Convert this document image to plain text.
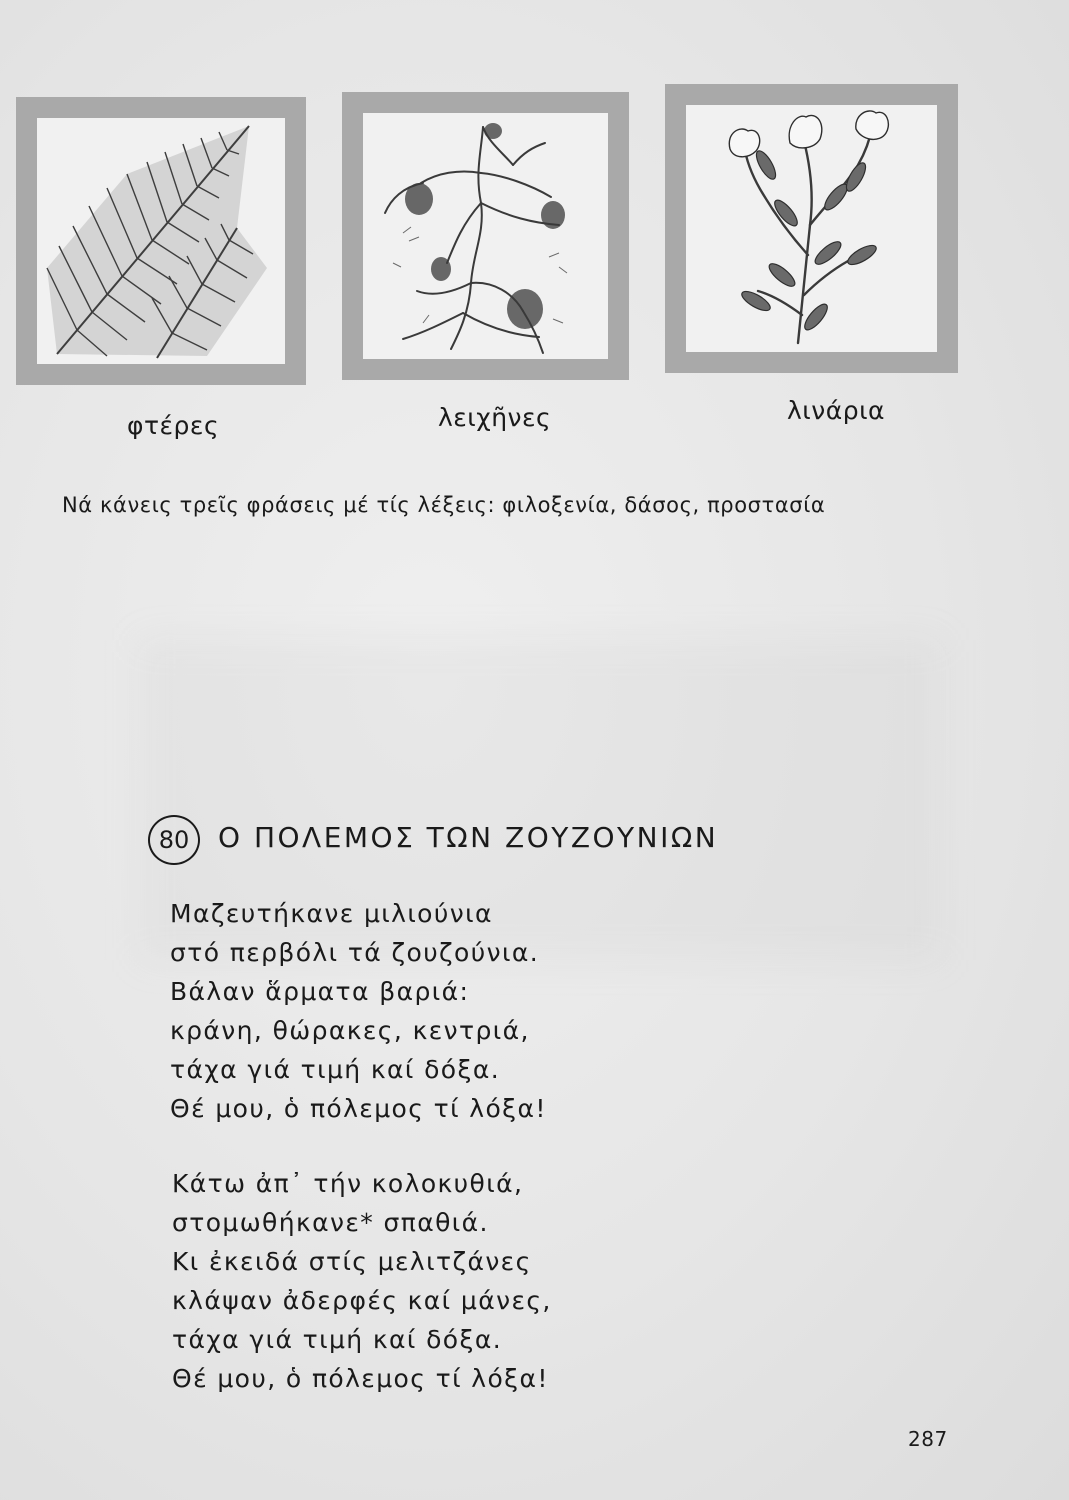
φτέρες	λειχῆνες	λινάρια
Νά κάνεις τρεῖς φράσεις μέ τίς λέξεις: φιλοξενία, δάσος, προστασία
80	Ο ΠΟΛΕΜΟΣ ΤΩΝ ΖΟΥΖΟΥΝΙΩΝ
Μαζευτήκανε μιλιούνια
στό περβόλι τά ζουζούνια.
Βάλαν ἅρματα βαριά:
κράνη, θώρακες, κεντριά,
τάχα γιά τιμή καί δόξα.
Θέ μου, ὁ πόλεμος τί λόξα!
Κάτω ἀπ᾽ τήν κολοκυθιά,
στομωθήκανε* σπαθιά.
Κι ἐκειδά στίς μελιτζάνες
κλάψαν ἀδερφές καί μάνες,
τάχα γιά τιμή καί δόξα.
Θέ μου, ὁ πόλεμος τί λόξα!
287
